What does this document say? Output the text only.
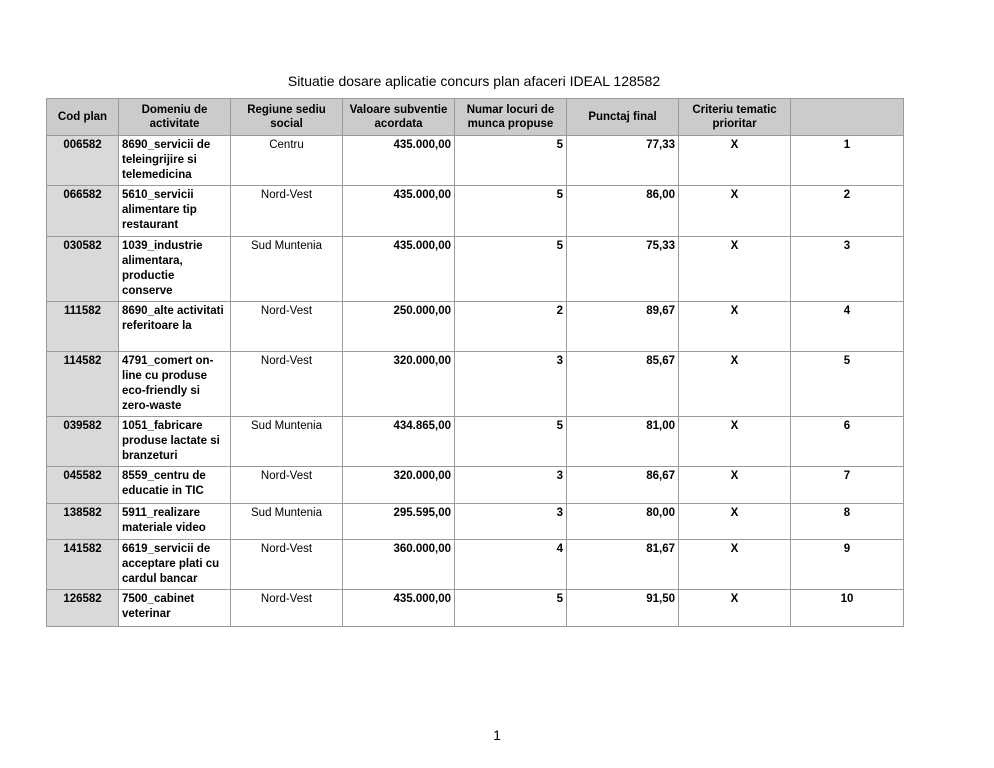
Situatie dosare aplicatie concurs plan afaceri IDEAL 128582
Cod plan	Domeniu de activitate	Regiune sediu social	Valoare subventie acordata	Numar locuri de munca propuse	Punctaj final	Criteriu tematic prioritar	
006582	8690_servicii de teleingrijire si telemedicina	Centru	435.000,00	5	77,33	X	1
066582	5610_servicii alimentare tip restaurant	Nord-Vest	435.000,00	5	86,00	X	2
030582	1039_industrie alimentara, productie conserve	Sud Muntenia	435.000,00	5	75,33	X	3
111582	8690_alte activitati referitoare la	Nord-Vest	250.000,00	2	89,67	X	4
114582	4791_comert on-line cu produse eco-friendly si zero-waste	Nord-Vest	320.000,00	3	85,67	X	5
039582	1051_fabricare produse lactate si branzeturi	Sud Muntenia	434.865,00	5	81,00	X	6
045582	8559_centru de educatie in TIC	Nord-Vest	320.000,00	3	86,67	X	7
138582	5911_realizare materiale video	Sud Muntenia	295.595,00	3	80,00	X	8
141582	6619_servicii de acceptare plati cu cardul bancar	Nord-Vest	360.000,00	4	81,67	X	9
126582	7500_cabinet veterinar	Nord-Vest	435.000,00	5	91,50	X	10
1
